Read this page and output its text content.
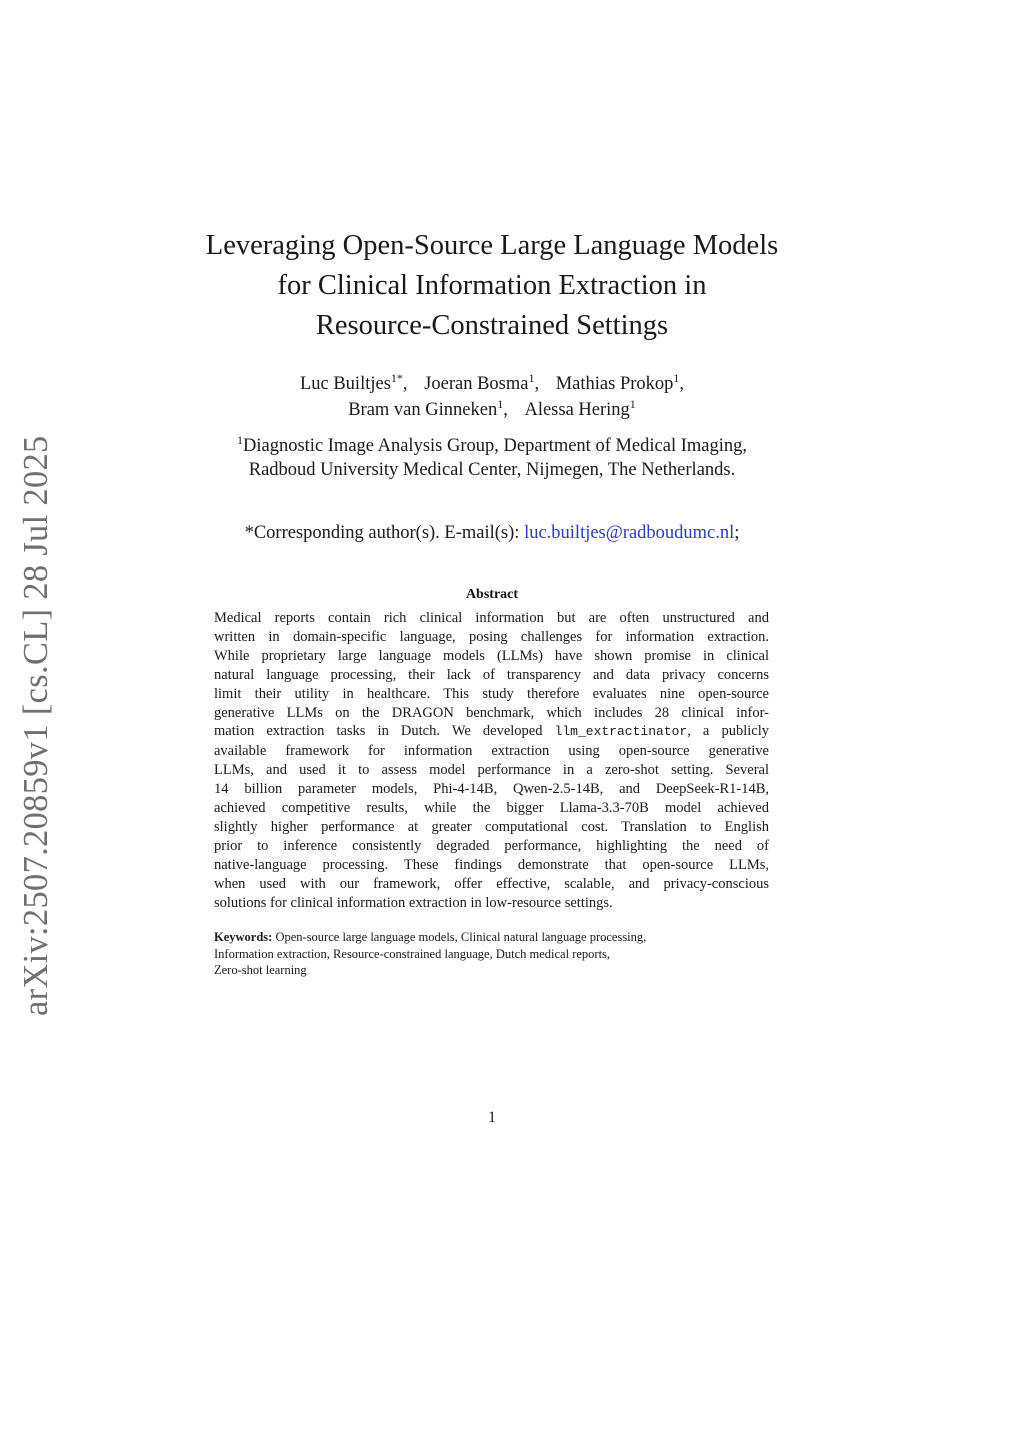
arXiv:2507.20859v1 [cs.CL] 28 Jul 2025
Leveraging Open-Source Large Language Models
for Clinical Information Extraction in
Resource-Constrained Settings
Luc Builtjes$^{1*}$, Joeran Bosma$^1$, Mathias Prokop$^1$,
Bram van Ginneken$^1$, Alessa Hering$^1$
$^1$Diagnostic Image Analysis Group, Department of Medical Imaging,
Radboud University Medical Center, Nijmegen, The Netherlands.
*Corresponding author(s). E-mail(s): luc.builtjes@radboudumc.nl;
Abstract
Medical reports contain rich clinical information but are often unstructured and
written in domain-specific language, posing challenges for information extraction.
While proprietary large language models (LLMs) have shown promise in clinical
natural language processing, their lack of transparency and data privacy concerns
limit their utility in healthcare. This study therefore evaluates nine open-source
generative LLMs on the DRAGON benchmark, which includes 28 clinical infor-
mation extraction tasks in Dutch. We developed llm_extractinator, a publicly
available framework for information extraction using open-source generative
LLMs, and used it to assess model performance in a zero-shot setting. Several
14 billion parameter models, Phi-4-14B, Qwen-2.5-14B, and DeepSeek-R1-14B,
achieved competitive results, while the bigger Llama-3.3-70B model achieved
slightly higher performance at greater computational cost. Translation to English
prior to inference consistently degraded performance, highlighting the need of
native-language processing. These findings demonstrate that open-source LLMs,
when used with our framework, offer effective, scalable, and privacy-conscious
solutions for clinical information extraction in low-resource settings.
Keywords: Open-source large language models, Clinical natural language processing,
Information extraction, Resource-constrained language, Dutch medical reports,
Zero-shot learning
1
